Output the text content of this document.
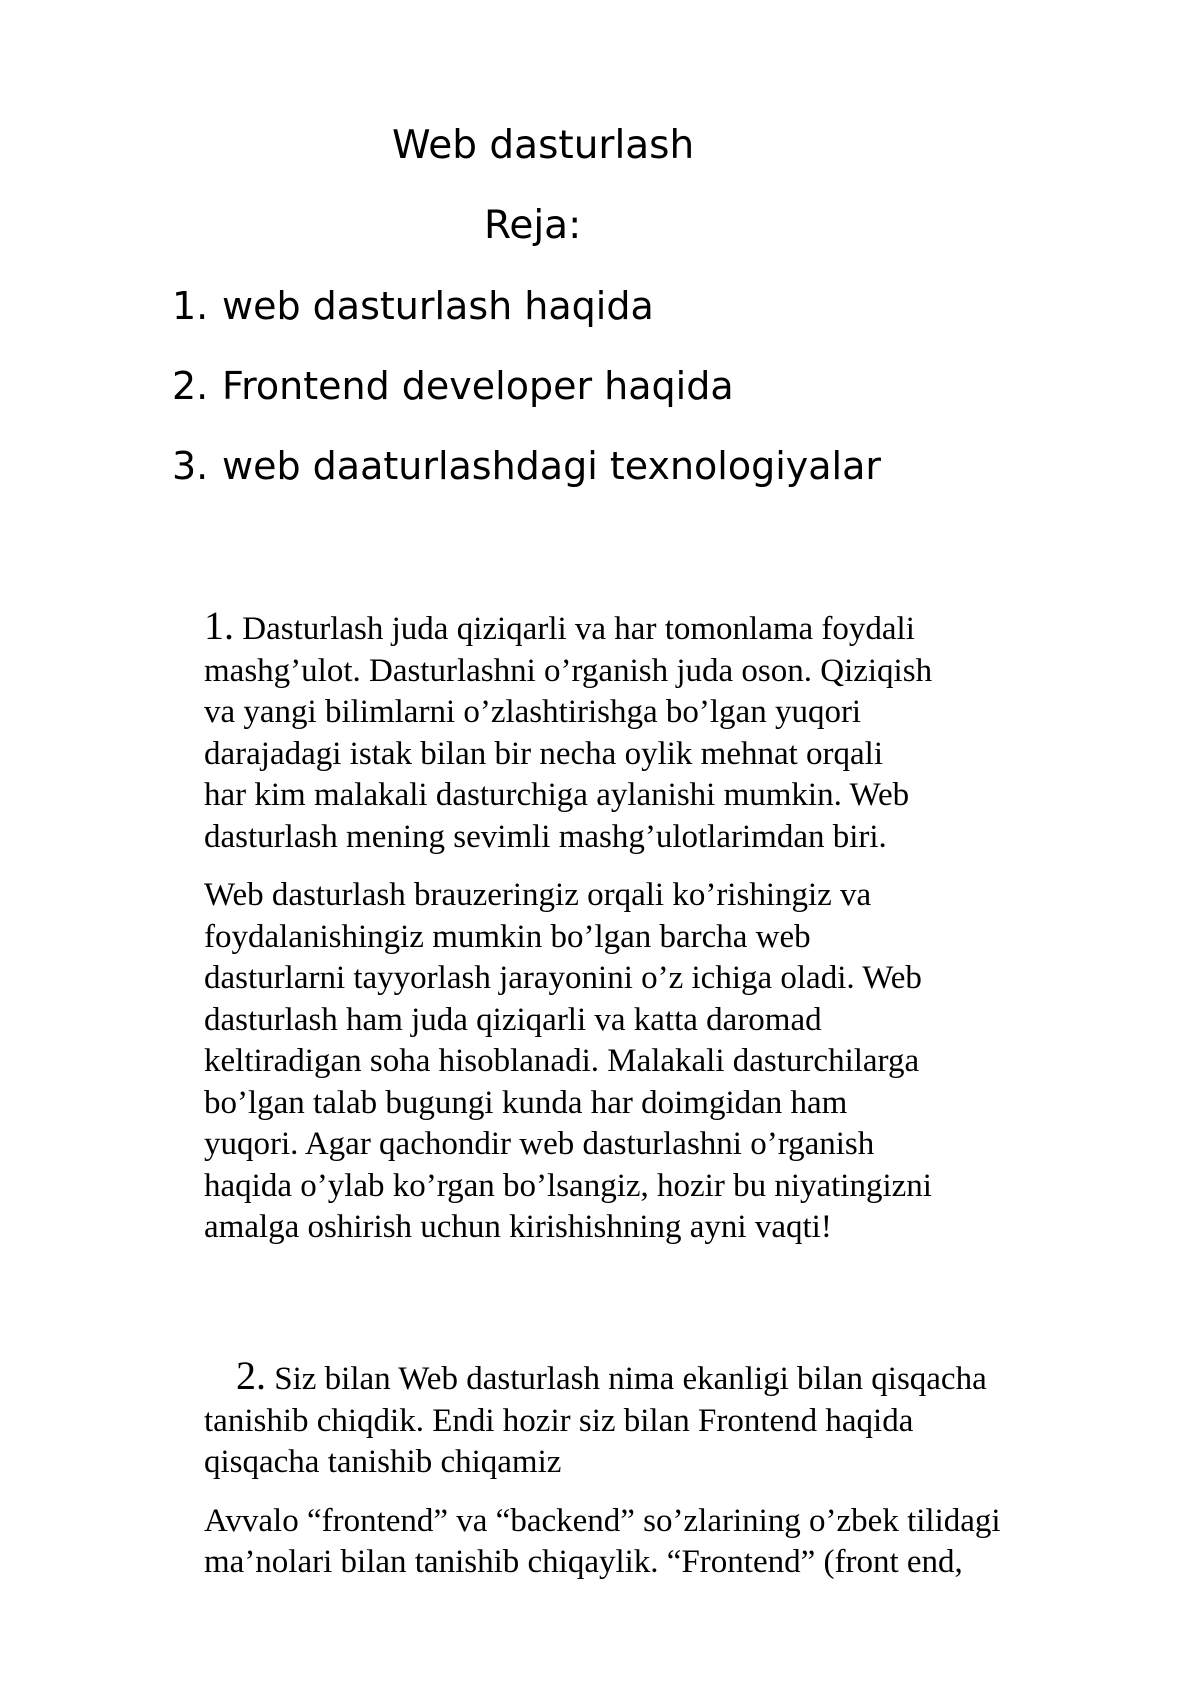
Web dasturlash
Reja:
1. web dasturlash haqida
2. Frontend developer haqida
3. web daaturlashdagi texnologiyalar

1. Dasturlash juda qiziqarli va har tomonlama foydali
mashg’ulot. Dasturlashni o’rganish juda oson. Qiziqish
va yangi bilimlarni o’zlashtirishga bo’lgan yuqori
darajadagi istak bilan bir necha oylik mehnat orqali
har kim malakali dasturchiga aylanishi mumkin. Web
dasturlash mening sevimli mashg’ulotlarimdan biri.

Web dasturlash brauzeringiz orqali ko’rishingiz va
foydalanishingiz mumkin bo’lgan barcha web
dasturlarni tayyorlash jarayonini o’z ichiga oladi. Web
dasturlash ham juda qiziqarli va katta daromad
keltiradigan soha hisoblanadi. Malakali dasturchilarga
bo’lgan talab bugungi kunda har doimgidan ham
yuqori. Agar qachondir web dasturlashni o’rganish
haqida o’ylab ko’rgan bo’lsangiz, hozir bu niyatingizni
amalga oshirish uchun kirishishning ayni vaqti!

2. Siz bilan Web dasturlash nima ekanligi bilan qisqacha
tanishib chiqdik. Endi hozir siz bilan Frontend haqida
qisqacha tanishib chiqamiz

Avvalo “frontend” va “backend” so’zlarining o’zbek tilidagi
ma’nolari bilan tanishib chiqaylik. “Frontend” (front end,
